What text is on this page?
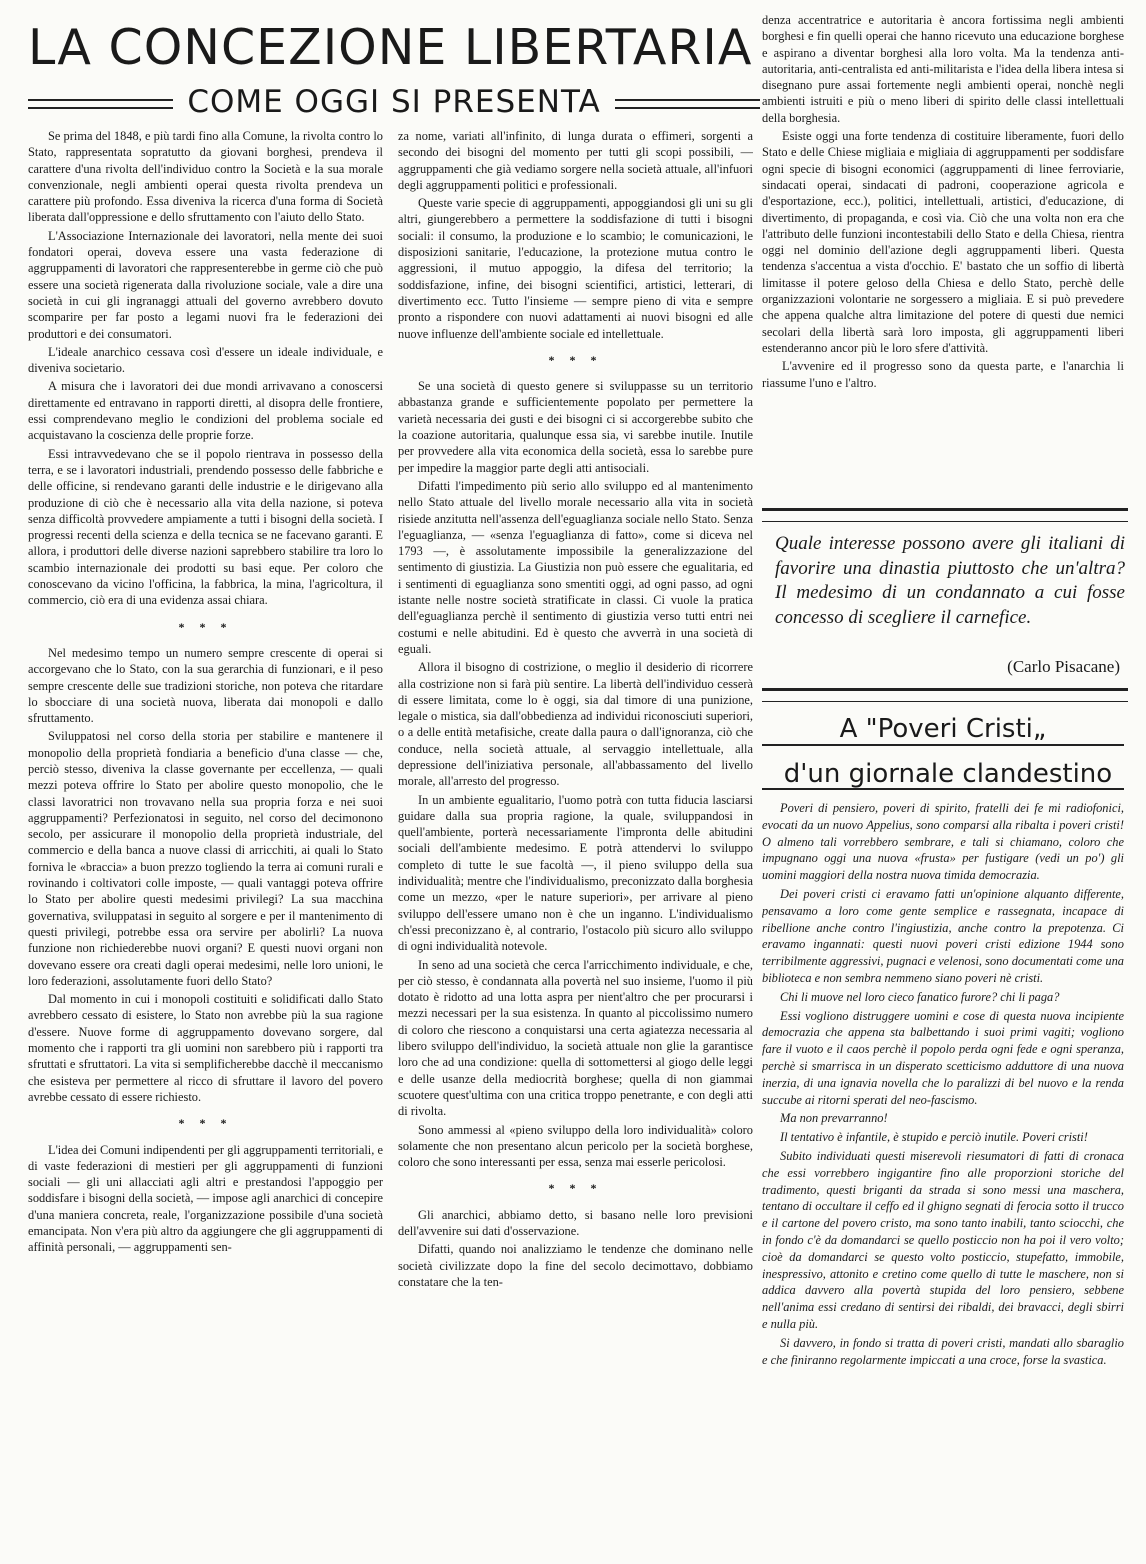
LA CONCEZIONE LIBERTARIA
COME OGGI SI PRESENTA

Se prima del 1848, e più tardi fino alla Comune, la rivolta contro lo Stato, rappresentata sopratutto da giovani borghesi, prendeva il carattere d'una rivolta dell'individuo contro la Società e la sua morale convenzionale, negli ambienti operai questa rivolta prendeva un carattere più profondo. Essa diveniva la ricerca d'una forma di Società liberata dall'oppressione e dello sfruttamento con l'aiuto dello Stato.

L'Associazione Internazionale dei lavoratori, nella mente dei suoi fondatori operai, doveva essere una vasta federazione di aggruppamenti di lavoratori che rappresenterebbe in germe ciò che può essere una società rigenerata dalla rivoluzione sociale, vale a dire una società in cui gli ingranaggi attuali del governo avrebbero dovuto scomparire per far posto a legami nuovi fra le federazioni dei produttori e dei consumatori.

L'ideale anarchico cessava così d'essere un ideale individuale, e diveniva societario.

A misura che i lavoratori dei due mondi arrivavano a conoscersi direttamente ed entravano in rapporti diretti, al disopra delle frontiere, essi comprendevano meglio le condizioni del problema sociale ed acquistavano la coscienza delle proprie forze.

Essi intravvedevano che se il popolo rientrava in possesso della terra, e se i lavoratori industriali, prendendo possesso delle fabbriche e delle officine, si rendevano garanti delle industrie e le dirigevano alla produzione di ciò che è necessario alla vita della nazione, si poteva senza difficoltà provvedere ampiamente a tutti i bisogni della società. I progressi recenti della scienza e della tecnica se ne facevano garanti. E allora, i produttori delle diverse nazioni saprebbero stabilire tra loro lo scambio internazionale dei prodotti su basi eque. Per coloro che conoscevano da vicino l'officina, la fabbrica, la mina, l'agricoltura, il commercio, ciò era di una evidenza assai chiara.

* * *

Nel medesimo tempo un numero sempre crescente di operai si accorgevano che lo Stato, con la sua gerarchia di funzionari, e il peso sempre crescente delle sue tradizioni storiche, non poteva che ritardare lo sbocciare di una società nuova, liberata dai monopoli e dallo sfruttamento.

Sviluppatosi nel corso della storia per stabilire e mantenere il monopolio della proprietà fondiaria a beneficio d'una classe — che, perciò stesso, diveniva la classe governante per eccellenza, — quali mezzi poteva offrire lo Stato per abolire questo monopolio, che le classi lavoratrici non trovavano nella sua propria forza e nei suoi aggruppamenti? Perfezionatosi in seguito, nel corso del decimonono secolo, per assicurare il monopolio della proprietà industriale, del commercio e della banca a nuove classi di arricchiti, ai quali lo Stato forniva le «braccia» a buon prezzo togliendo la terra ai comuni rurali e rovinando i coltivatori colle imposte, — quali vantaggi poteva offrire lo Stato per abolire questi medesimi privilegi? La sua macchina governativa, sviluppatasi in seguito al sorgere e per il mantenimento di questi privilegi, potrebbe essa ora servire per abolirli? La nuova funzione non richiederebbe nuovi organi? E questi nuovi organi non dovevano essere ora creati dagli operai medesimi, nelle loro unioni, le loro federazioni, assolutamente fuori dello Stato?

Dal momento in cui i monopoli costituiti e solidificati dallo Stato avrebbero cessato di esistere, lo Stato non avrebbe più la sua ragione d'essere. Nuove forme di aggruppamento dovevano sorgere, dal momento che i rapporti tra gli uomini non sarebbero più i rapporti tra sfruttati e sfruttatori. La vita si semplificherebbe dacchè il meccanismo che esisteva per permettere al ricco di sfruttare il lavoro del povero avrebbe cessato di essere richiesto.

* * *

L'idea dei Comuni indipendenti per gli aggruppamenti territoriali, e di vaste federazioni di mestieri per gli aggruppamenti di funzioni sociali — gli uni allacciati agli altri e prestandosi l'appoggio per soddisfare i bisogni della società, — impose agli anarchici di concepire d'una maniera concreta, reale, l'organizzazione possibile d'una società emancipata. Non v'era più altro da aggiungere che gli aggruppamenti di affinità personali, — aggruppamenti sen-

za nome, variati all'infinito, di lunga durata o effimeri, sorgenti a secondo dei bisogni del momento per tutti gli scopi possibili, — aggruppamenti che già vediamo sorgere nella società attuale, all'infuori degli aggruppamenti politici e professionali.

Queste varie specie di aggruppamenti, appoggiandosi gli uni su gli altri, giungerebbero a permettere la soddisfazione di tutti i bisogni sociali: il consumo, la produzione e lo scambio; le comunicazioni, le disposizioni sanitarie, l'educazione, la protezione mutua contro le aggressioni, il mutuo appoggio, la difesa del territorio; la soddisfazione, infine, dei bisogni scientifici, artistici, letterari, di divertimento ecc. Tutto l'insieme — sempre pieno di vita e sempre pronto a rispondere con nuovi adattamenti ai nuovi bisogni ed alle nuove influenze dell'ambiente sociale ed intellettuale.

* * *

Se una società di questo genere si sviluppasse su un territorio abbastanza grande e sufficientemente popolato per permettere la varietà necessaria dei gusti e dei bisogni ci si accorgerebbe subito che la coazione autoritaria, qualunque essa sia, vi sarebbe inutile. Inutile per provvedere alla vita economica della società, essa lo sarebbe pure per impedire la maggior parte degli atti antisociali.

Difatti l'impedimento più serio allo sviluppo ed al mantenimento nello Stato attuale del livello morale necessario alla vita in società risiede anzitutta nell'assenza dell'eguaglianza sociale nello Stato. Senza l'eguaglianza, — «senza l'eguaglianza di fatto», come si diceva nel 1793 —, è assolutamente impossibile la generalizzazione del sentimento di giustizia. La Giustizia non può essere che egualitaria, ed i sentimenti di eguaglianza sono smentiti oggi, ad ogni passo, ad ogni istante nelle nostre società stratificate in classi. Ci vuole la pratica dell'eguaglianza perchè il sentimento di giustizia verso tutti entri nei costumi e nelle abitudini. Ed è questo che avverrà in una società di eguali.

Allora il bisogno di costrizione, o meglio il desiderio di ricorrere alla costrizione non si farà più sentire. La libertà dell'individuo cesserà di essere limitata, come lo è oggi, sia dal timore di una punizione, legale o mistica, sia dall'obbedienza ad individui riconosciuti superiori, o a delle entità metafisiche, create dalla paura o dall'ignoranza, ciò che conduce, nella società attuale, al servaggio intellettuale, alla depressione dell'iniziativa personale, all'abbassamento del livello morale, all'arresto del progresso.

In un ambiente egualitario, l'uomo potrà con tutta fiducia lasciarsi guidare dalla sua propria ragione, la quale, sviluppandosi in quell'ambiente, porterà necessariamente l'impronta delle abitudini sociali dell'ambiente medesimo. E potrà attendervi lo sviluppo completo di tutte le sue facoltà —, il pieno sviluppo della sua individualità; mentre che l'individualismo, preconizzato dalla borghesia come un mezzo, «per le nature superiori», per arrivare al pieno sviluppo dell'essere umano non è che un inganno. L'individualismo ch'essi preconizzano è, al contrario, l'ostacolo più sicuro allo sviluppo di ogni individualità notevole.

In seno ad una società che cerca l'arricchimento individuale, e che, per ciò stesso, è condannata alla povertà nel suo insieme, l'uomo il più dotato è ridotto ad una lotta aspra per nient'altro che per procurarsi i mezzi necessari per la sua esistenza. In quanto al piccolissimo numero di coloro che riescono a conquistarsi una certa agiatezza necessaria al libero sviluppo dell'individuo, la società attuale non glie la garantisce loro che ad una condizione: quella di sottomettersi al giogo delle leggi e delle usanze della mediocrità borghese; quella di non giammai scuotere quest'ultima con una critica troppo penetrante, e con degli atti di rivolta.

Sono ammessi al «pieno sviluppo della loro individualità» coloro solamente che non presentano alcun pericolo per la società borghese, coloro che sono interessanti per essa, senza mai esserle pericolosi.

* * *

Gli anarchici, abbiamo detto, si basano nelle loro previsioni dell'avvenire sui dati d'osservazione.

Difatti, quando noi analizziamo le tendenze che dominano nelle società civilizzate dopo la fine del secolo decimottavo, dobbiamo constatare che la ten-

denza accentratrice e autoritaria è ancora fortissima negli ambienti borghesi e fin quelli operai che hanno ricevuto una educazione borghese e aspirano a diventar borghesi alla loro volta. Ma la tendenza anti-autoritaria, anti-centralista ed anti-militarista e l'idea della libera intesa si disegnano pure assai fortemente negli ambienti operai, nonchè negli ambienti istruiti e più o meno liberi di spirito delle classi intellettuali della borghesia.

Esiste oggi una forte tendenza di costituire liberamente, fuori dello Stato e delle Chiese migliaia e migliaia di aggruppamenti per soddisfare ogni specie di bisogni economici (aggruppamenti di linee ferroviarie, sindacati operai, sindacati di padroni, cooperazione agricola e d'esportazione, ecc.), politici, intellettuali, artistici, d'educazione, di divertimento, di propaganda, e così via. Ciò che una volta non era che l'attributo delle funzioni incontestabili dello Stato e della Chiesa, rientra oggi nel dominio dell'azione degli aggruppamenti liberi. Questa tendenza s'accentua a vista d'occhio. E' bastato che un soffio di libertà limitasse il potere geloso della Chiesa e dello Stato, perchè delle organizzazioni volontarie ne sorgessero a migliaia. E si può prevedere che appena qualche altra limitazione del potere di questi due nemici secolari della libertà sarà loro imposta, gli aggruppamenti liberi estenderanno ancor più le loro sfere d'attività.

L'avvenire ed il progresso sono da questa parte, e l'anarchia li riassume l'uno e l'altro.

Quale interesse possono avere gli italiani di favorire una dinastia piuttosto che un'altra? Il medesimo di un condannato a cui fosse concesso di scegliere il carnefice.
(Carlo Pisacane)
A "Poveri Cristi„
d'un giornale clandestino

Poveri di pensiero, poveri di spirito, fratelli dei fe mi radiofonici, evocati da un nuovo Appelius, sono comparsi alla ribalta i poveri cristi! O almeno tali vorrebbero sembrare, e tali si chiamano, coloro che impugnano oggi una nuova «frusta» per fustigare (vedi un po') gli uomini maggiori della nostra nuova timida democrazia.

Dei poveri cristi ci eravamo fatti un'opinione alquanto differente, pensavamo a loro come gente semplice e rassegnata, incapace di ribellione anche contro l'ingiustizia, anche contro la prepotenza. Ci eravamo ingannati: questi nuovi poveri cristi edizione 1944 sono terribilmente aggressivi, pugnaci e velenosi, sono documentati come una biblioteca e non sembra nemmeno siano poveri nè cristi.

Chi li muove nel loro cieco fanatico furore? chi li paga?

Essi vogliono distruggere uomini e cose di questa nuova incipiente democrazia che appena sta balbettando i suoi primi vagiti; vogliono fare il vuoto e il caos perchè il popolo perda ogni fede e ogni speranza, perchè si smarrisca in un disperato scetticismo adduttore di una nuova inerzia, di una ignavia novella che lo paralizzi di bel nuovo e la renda succube ai ritorni sperati del neo-fascismo.

Ma non prevarranno!

Il tentativo è infantile, è stupido e perciò inutile. Poveri cristi!

Subito individuati questi miserevoli riesumatori di fatti di cronaca che essi vorrebbero ingigantire fino alle proporzioni storiche del tradimento, questi briganti da strada si sono messi una maschera, tentano di occultare il ceffo ed il ghigno segnati di ferocia sotto il trucco e il cartone del povero cristo, ma sono tanto inabili, tanto sciocchi, che in fondo c'è da domandarci se quello posticcio non ha poi il vero volto; cioè da domandarci se questo volto posticcio, stupefatto, immobile, inespressivo, attonito e cretino come quello di tutte le maschere, non si addica davvero alla povertà stupida del loro pensiero, sebbene nell'anima essi credano di sentirsi dei ribaldi, dei bravacci, degli sbirri e nulla più.

Si davvero, in fondo si tratta di poveri cristi, mandati allo sbaraglio e che finiranno regolarmente impiccati a una croce, forse la svastica.
